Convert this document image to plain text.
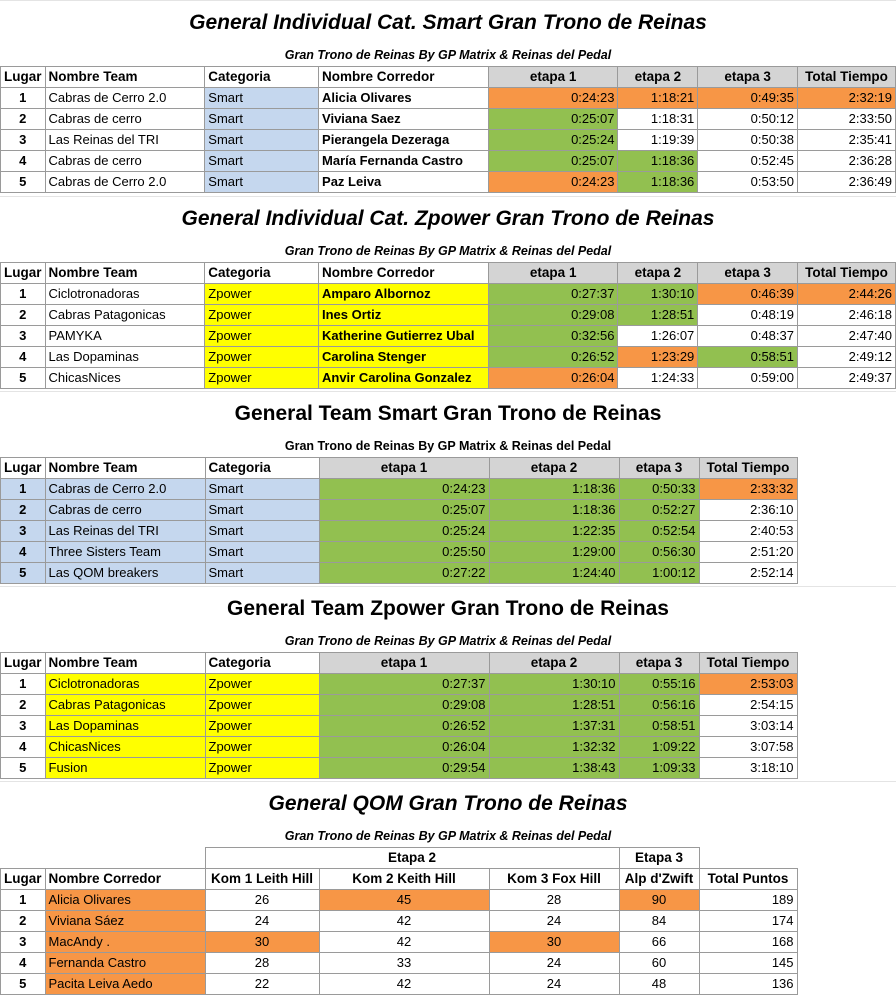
General Individual Cat. Smart Gran Trono de Reinas
Gran Trono de Reinas By GP Matrix & Reinas del Pedal
Lugar	Nombre Team	Categoria	Nombre Corredor	etapa 1	etapa 2	etapa 3	Total Tiempo
1	Cabras de Cerro 2.0	Smart	Alicia Olivares	0:24:23	1:18:21	0:49:35	2:32:19
2	Cabras de cerro	Smart	Viviana Saez	0:25:07	1:18:31	0:50:12	2:33:50
3	Las Reinas del TRI	Smart	Pierangela Dezeraga	0:25:24	1:19:39	0:50:38	2:35:41
4	Cabras de cerro	Smart	María Fernanda Castro	0:25:07	1:18:36	0:52:45	2:36:28
5	Cabras de Cerro 2.0	Smart	Paz Leiva	0:24:23	1:18:36	0:53:50	2:36:49
General Individual Cat. Zpower Gran Trono de Reinas
Gran Trono de Reinas By GP Matrix & Reinas del Pedal
Lugar	Nombre Team	Categoria	Nombre Corredor	etapa 1	etapa 2	etapa 3	Total Tiempo
1	Ciclotronadoras	Zpower	Amparo Albornoz	0:27:37	1:30:10	0:46:39	2:44:26
2	Cabras Patagonicas	Zpower	Ines Ortiz	0:29:08	1:28:51	0:48:19	2:46:18
3	PAMYKA	Zpower	Katherine Gutierrez Ubal	0:32:56	1:26:07	0:48:37	2:47:40
4	Las Dopaminas	Zpower	Carolina Stenger	0:26:52	1:23:29	0:58:51	2:49:12
5	ChicasNices	Zpower	Anvir Carolina Gonzalez	0:26:04	1:24:33	0:59:00	2:49:37
General Team Smart Gran Trono de Reinas
Gran Trono de Reinas By GP Matrix & Reinas del Pedal
Lugar	Nombre Team	Categoria	etapa 1	etapa 2	etapa 3	Total Tiempo
1	Cabras de Cerro 2.0	Smart	0:24:23	1:18:36	0:50:33	2:33:32
2	Cabras de cerro	Smart	0:25:07	1:18:36	0:52:27	2:36:10
3	Las Reinas del TRI	Smart	0:25:24	1:22:35	0:52:54	2:40:53
4	Three Sisters Team	Smart	0:25:50	1:29:00	0:56:30	2:51:20
5	Las QOM breakers	Smart	0:27:22	1:24:40	1:00:12	2:52:14
General Team Zpower Gran Trono de Reinas
Gran Trono de Reinas By GP Matrix & Reinas del Pedal
Lugar	Nombre Team	Categoria	etapa 1	etapa 2	etapa 3	Total Tiempo
1	Ciclotronadoras	Zpower	0:27:37	1:30:10	0:55:16	2:53:03
2	Cabras Patagonicas	Zpower	0:29:08	1:28:51	0:56:16	2:54:15
3	Las Dopaminas	Zpower	0:26:52	1:37:31	0:58:51	3:03:14
4	ChicasNices	Zpower	0:26:04	1:32:32	1:09:22	3:07:58
5	Fusion	Zpower	0:29:54	1:38:43	1:09:33	3:18:10
General QOM Gran Trono de Reinas
Gran Trono de Reinas By GP Matrix & Reinas del Pedal
		Etapa 2			Etapa 3	
Lugar	Nombre Corredor	Kom 1 Leith Hill	Kom 2 Keith Hill	Kom 3 Fox Hill	Alp d'Zwift	Total Puntos
1	Alicia Olivares	26	45	28	90	189
2	Viviana Sáez	24	42	24	84	174
3	MacAndy .	30	42	30	66	168
4	Fernanda Castro	28	33	24	60	145
5	Pacita Leiva Aedo	22	42	24	48	136
